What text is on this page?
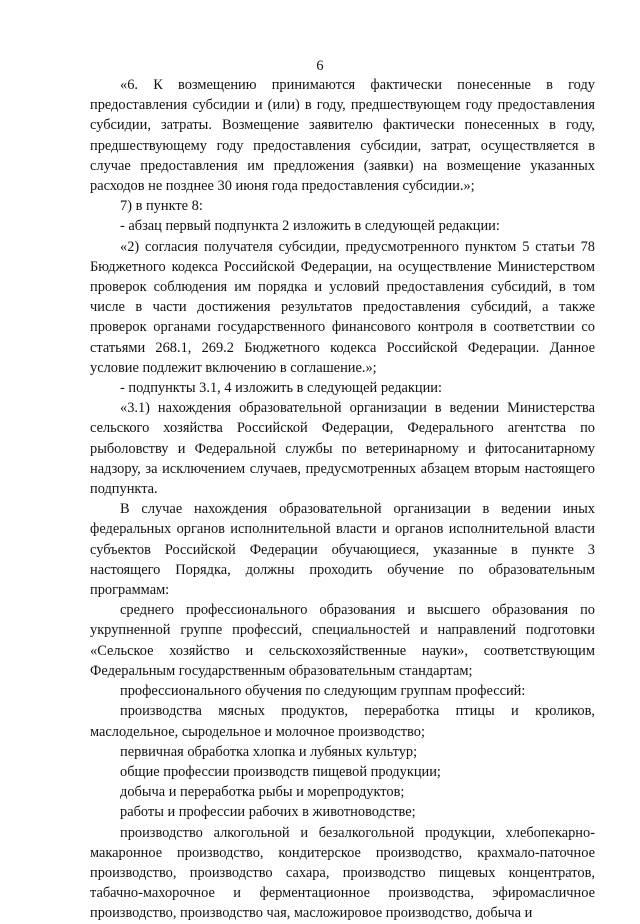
6

«6. К возмещению принимаются фактически понесенные в году предоставления субсидии и (или) в году, предшествующем году предоставления субсидии, затраты. Возмещение заявителю фактически понесенных в году, предшествующему году предоставления субсидии, затрат, осуществляется в случае предоставления им предложения (заявки) на возмещение указанных расходов не позднее 30 июня года предоставления субсидии.»;

7) в пункте 8:

- абзац первый подпункта 2 изложить в следующей редакции:

«2) согласия получателя субсидии, предусмотренного пунктом 5 статьи 78 Бюджетного кодекса Российской Федерации, на осуществление Министерством проверок соблюдения им порядка и условий предоставления субсидий, в том числе в части достижения результатов предоставления субсидий, а также проверок органами государственного финансового контроля в соответствии со статьями 268.1, 269.2 Бюджетного кодекса Российской Федерации. Данное условие подлежит включению в соглашение.»;

- подпункты 3.1, 4 изложить в следующей редакции:

«3.1) нахождения образовательной организации в ведении Министерства сельского хозяйства Российской Федерации, Федерального агентства по рыболовству и Федеральной службы по ветеринарному и фитосанитарному надзору, за исключением случаев, предусмотренных абзацем вторым настоящего подпункта.

В случае нахождения образовательной организации в ведении иных федеральных органов исполнительной власти и органов исполнительной власти субъектов Российской Федерации обучающиеся, указанные в пункте 3 настоящего Порядка, должны проходить обучение по образовательным программам:

среднего профессионального образования и высшего образования по укрупненной группе профессий, специальностей и направлений подготовки «Сельское хозяйство и сельскохозяйственные науки», соответствующим Федеральным государственным образовательным стандартам;

профессионального обучения по следующим группам профессий:

производства мясных продуктов, переработка птицы и кроликов, маслодельное, сыродельное и молочное производство;

первичная обработка хлопка и лубяных культур;

общие профессии производств пищевой продукции;

добыча и переработка рыбы и морепродуктов;

работы и профессии рабочих в животноводстве;

производство алкогольной и безалкогольной продукции, хлебопекарно-макаронное производство, кондитерское производство, крахмало-паточное производство, производство сахара, производство пищевых концентратов, табачно-махорочное и ферментационное производства, эфиромасличное производство, производство чая, масложировое производство, добыча и
